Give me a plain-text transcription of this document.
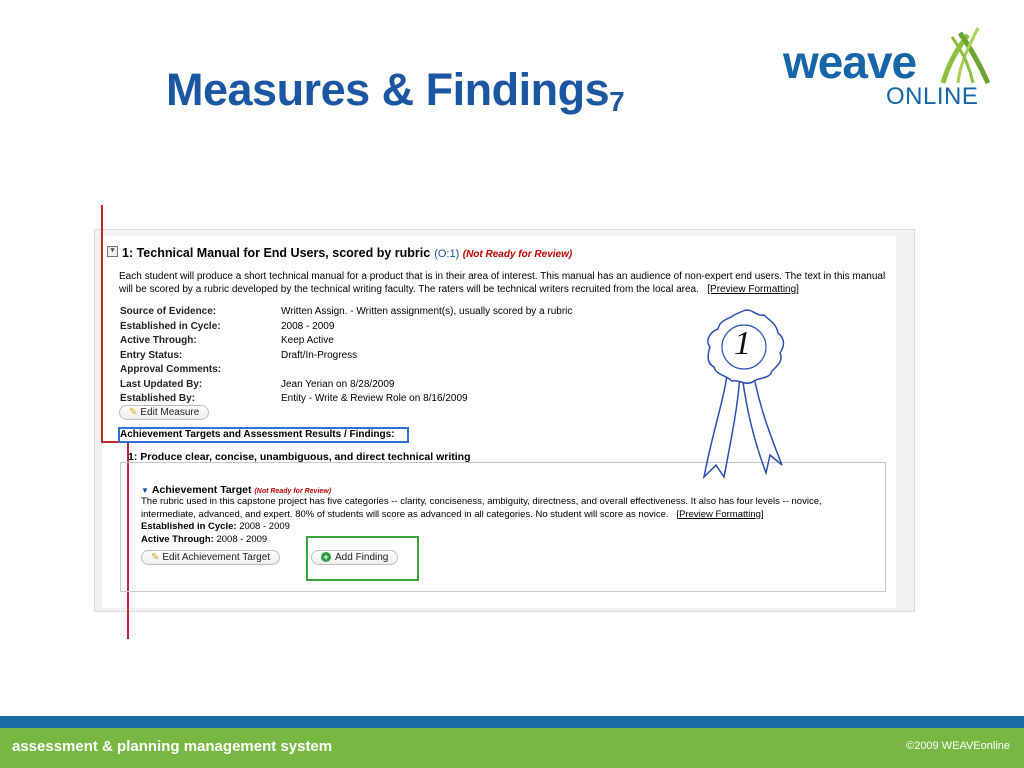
Measures & Findings$_7$
weave
ONLINE
▾ 1: Technical Manual for End Users, scored by rubric (O:1) (Not Ready for Review)
Each student will produce a short technical manual for a product that is in their area of interest. This manual has an audience of non-expert end users. The text in this manual will be scored by a rubric developed by the technical writing faculty. The raters will be technical writers recruited from the local area. [Preview Formatting]
Source of Evidence:	Written Assign. - Written assignment(s), usually scored by a rubric
Established in Cycle:	2008 - 2009
Active Through:	Keep Active
Entry Status:	Draft/In-Progress
Approval Comments:
Last Updated By:	Jean Yerian on 8/28/2009
Established By:	Entity - Write & Review Role on 8/16/2009
✎ Edit Measure
Achievement Targets and Assessment Results / Findings:
1: Produce clear, concise, unambiguous, and direct technical writing
▼ Achievement Target (Not Ready for Review)
The rubric used in this capstone project has five categories -- clarity, conciseness, ambiguity, directness, and overall effectiveness. It also has four levels -- novice, intermediate, advanced, and expert. 80% of students will score as advanced in all categories. No student will score as novice. [Preview Formatting]
Established in Cycle: 2008 - 2009
Active Through: 2008 - 2009
✎ Edit Achievement Target	+ Add Finding
1
assessment & planning management system	©2009 WEAVEonline
